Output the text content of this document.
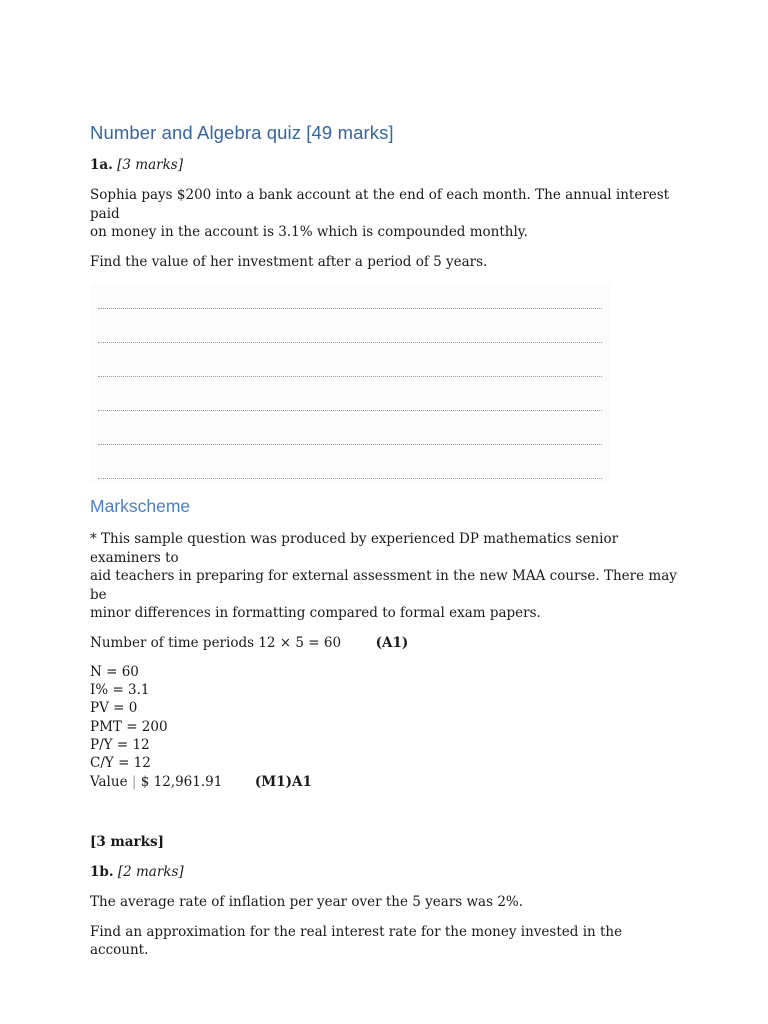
Number and Algebra quiz [49 marks]
1a. [3 marks]
Sophia pays $200 into a bank account at the end of each month. The annual interest paid
on money in the account is 3.1% which is compounded monthly.
Find the value of her investment after a period of 5 years.
Markscheme
* This sample question was produced by experienced DP mathematics senior examiners to
aid teachers in preparing for external assessment in the new MAA course. There may be
minor differences in formatting compared to formal exam papers.
Number of time periods 12 × 5 = 60	(A1)
N = 60
I% = 3.1
PV = 0
PMT = 200
P/Y = 12
C/Y = 12
Value | $ 12,961.91 (M1)A1
[3 marks]
1b. [2 marks]
The average rate of inflation per year over the 5 years was 2%.
Find an approximation for the real interest rate for the money invested in the account.
